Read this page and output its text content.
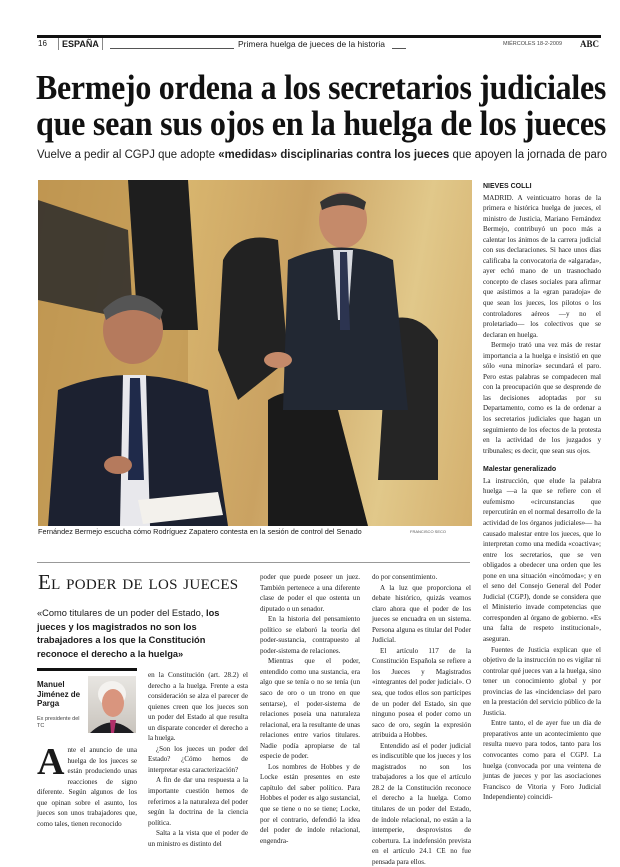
16	ESPAÑA	Primera huelga de jueces de la historia	MIÉRCOLES 18-2-2009 ABC
Bermejo ordena a los secretarios judiciales
que sean sus ojos en la huelga de los jueces
Vuelve a pedir al CGPJ que adopte «medidas» disciplinarias contra los jueces que apoyen la jornada de paro
Fernández Bermejo escucha cómo Rodríguez Zapatero contesta en la sesión de control del Senado	FRANCISCO SECO
NIEVES COLLI

MADRID. A veinticuatro horas de la primera e histórica huelga de jueces, el ministro de Justicia, Mariano Fernández Bermejo, contribuyó un poco más a calentar los ánimos de la carrera judicial con sus declaraciones. Si hace unos días calificaba la convocatoria de «algarada», ayer echó mano de un trasnochado concepto de clases sociales para afirmar que asistimos a la «gran paradoja» de que sean los jueces, los pilotos o los controladores aéreos —y no el proletariado— los colectivos que se declaran en huelga.

Bermejo trató una vez más de restar importancia a la huelga e insistió en que sólo «una minoría» secundará el paro. Pero estas palabras se compadecen mal con la preocupación que se desprende de las decisiones adoptadas por su Departamento, como es la de ordenar a los secretarios judiciales que hagan un seguimiento de los efectos de la protesta en la actividad de los juzgados y tribunales; es decir, que sean sus ojos.

Malestar generalizado

La instrucción, que elude la palabra huelga —a la que se refiere con el eufemismo «circunstancias que repercutirán en el normal desarrollo de la actividad de los órganos judiciales»— ha causado malestar entre los jueces, que lo interpretan como una medida «coactiva»; entre los secretarios, que se ven obligados a obedecer una orden que les pone en una situación «incómoda»; y en el seno del Consejo General del Poder Judicial (CGPJ), donde se considera que el Ministerio invade competencias que corresponden al órgano de gobierno. «Es una falta de respeto institucional», aseguran.

Fuentes de Justicia explican que el objetivo de la instrucción no es vigilar ni controlar qué jueces van a la huelga, sino tener un conocimiento global y por provincias de las «incidencias» del paro en la prestación del servicio público de la Justicia.

Entre tanto, el de ayer fue un día de preparativos ante un acontecimiento que resulta nuevo para todos, tanto para los convocantes como para el CGPJ. La huelga (convocada por una veintena de juntas de jueces y por las asociaciones Francisco de Vitoria y Foro Judicial Independiente) coincidi-

El poder de los jueces
«Como titulares de un poder del Estado, los jueces y los magistrados no son los trabajadores a los que la Constitución reconoce el derecho a la huelga»
Manuel Jiménez de Parga
Ex presidente del TC
A nte el anuncio de una huelga de los jueces se están produciendo unas reacciones de signo diferente. Según algunos de los que opinan sobre el asunto, los jueces son unos trabajadores que, como tales, tienen reconocido

en la Constitución (art. 28.2) el derecho a la huelga. Frente a esta consideración se alza el parecer de quienes creen que los jueces son un poder del Estado al que resulta un disparate conceder el derecho a la huelga.

¿Son los jueces un poder del Estado? ¿Cómo hemos de interpretar esta caracterización?

A fin de dar una respuesta a la importante cuestión hemos de referirnos a la naturaleza del poder según la doctrina de la ciencia política.

Salta a la vista que el poder de un ministro es distinto del

poder que puede poseer un juez. También pertenece a una diferente clase de poder el que ostenta un diputado o un senador.

En la historia del pensamiento político se elaboró la teoría del poder-sustancia, contrapuesto al poder-sistema de relaciones.

Mientras que el poder, entendido como una sustancia, era algo que se tenía o no se tenía (un saco de oro o un trono en que sentarse), el poder-sistema de relaciones poseía una naturaleza relacional, era la resultante de unas relaciones entre varios titulares. Nadie podía apropiarse de tal especie de poder.

Los nombres de Hobbes y de Locke están presentes en este capítulo del saber político. Para Hobbes el poder es algo sustancial, que se tiene o no se tiene; Locke, por el contrario, defendió la idea del poder de índole relacional, engendra-

do por consentimiento.

A la luz que proporciona el debate histórico, quizás veamos claro ahora que el poder de los jueces se encuadra en un sistema. Persona alguna es titular del Poder Judicial.

El artículo 117 de la Constitución Española se refiere a los Jueces y Magistrados «integrantes del poder judicial». O sea, que todos ellos son partícipes de un poder del Estado, sin que ninguno posea el poder como un saco de oro, según la expresión atribuida a Hobbes.

Entendido así el poder judicial es indiscutible que los jueces y los magistrados no son los trabajadores a los que el artículo 28.2 de la Constitución reconoce el derecho a la huelga. Como titulares de un poder del Estado, de índole relacional, no están a la intemperie, desprovistos de cobertura. La indefensión prevista en el artículo 24.1 CE no fue pensada para ellos.
